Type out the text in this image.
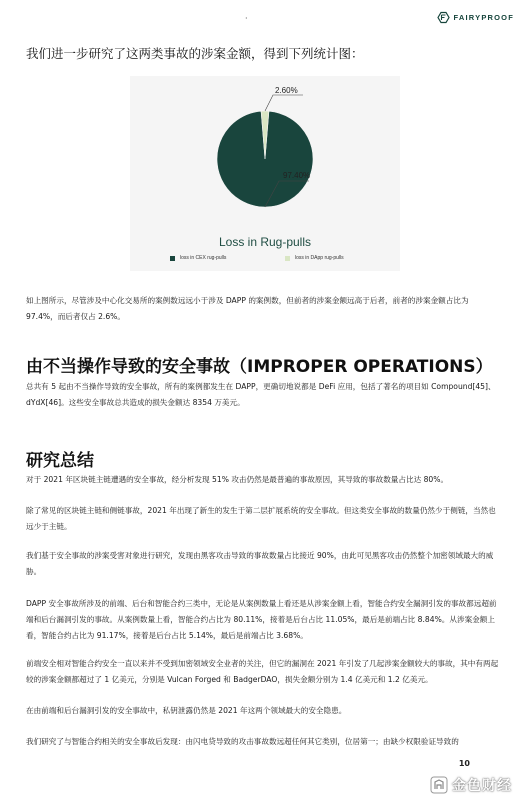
·	FAIRYPROOF
我们进一步研究了这两类事故的涉案金额，得到下列统计图：
97.40%
2.60%
Loss in Rug-pulls
loss in CEX rug-pulls	loss in DApp rug-pulls
如上图所示，尽管涉及中心化交易所的案例数远远小于涉及 DAPP 的案例数，但前者的涉案金额远高于后者，前者的涉案金额占比为 97.4%，而后者仅占 2.6%。
由不当操作导致的安全事故（IMPROPER OPERATIONS）
总共有 5 起由不当操作导致的安全事故，所有的案例都发生在 DAPP，更确切地说都是 DeFi 应用，包括了著名的项目如 Compound[45]、dYdX[46]。这些安全事故总共造成的损失金额达 8354 万美元。
研究总结
对于 2021 年区块链主链遭遇的安全事故，经分析发现 51% 攻击仍然是最普遍的事故原因，其导致的事故数量占比达 80%。
除了常见的区块链主链和侧链事故，2021 年出现了新生的发生于第二层扩展系统的安全事故。但这类安全事故的数量仍然少于侧链，当然也远少于主链。
我们基于安全事故的涉案受害对象进行研究，发现由黑客攻击导致的事故数量占比接近 90%，由此可见黑客攻击仍然整个加密领域最大的威胁。
DAPP 安全事故所涉及的前端、后台和智能合约三类中，无论是从案例数量上看还是从涉案金额上看，智能合约安全漏洞引发的事故都远超前端和后台漏洞引发的事故。从案例数量上看，智能合约占比为 80.11%，接着是后台占比 11.05%，最后是前端占比 8.84%。从涉案金额上看，智能合约占比为 91.17%，接着是后台占比 5.14%，最后是前端占比 3.68%。
前端安全相对智能合约安全一直以来并不受到加密领域安全业者的关注，但它的漏洞在 2021 年引发了几起涉案金额较大的事故，其中有两起较的涉案金额都超过了 1 亿美元，分别是 Vulcan Forged 和 BadgerDAO，损失金额分别为 1.4 亿美元和 1.2 亿美元。
在由前端和后台漏洞引发的安全事故中，私钥泄露仍然是 2021 年这两个领域最大的安全隐患。
我们研究了与智能合约相关的安全事故后发现：由闪电贷导致的攻击事故数远超任何其它类别，位居第一；由缺少权限验证导致的
10
金色财经
